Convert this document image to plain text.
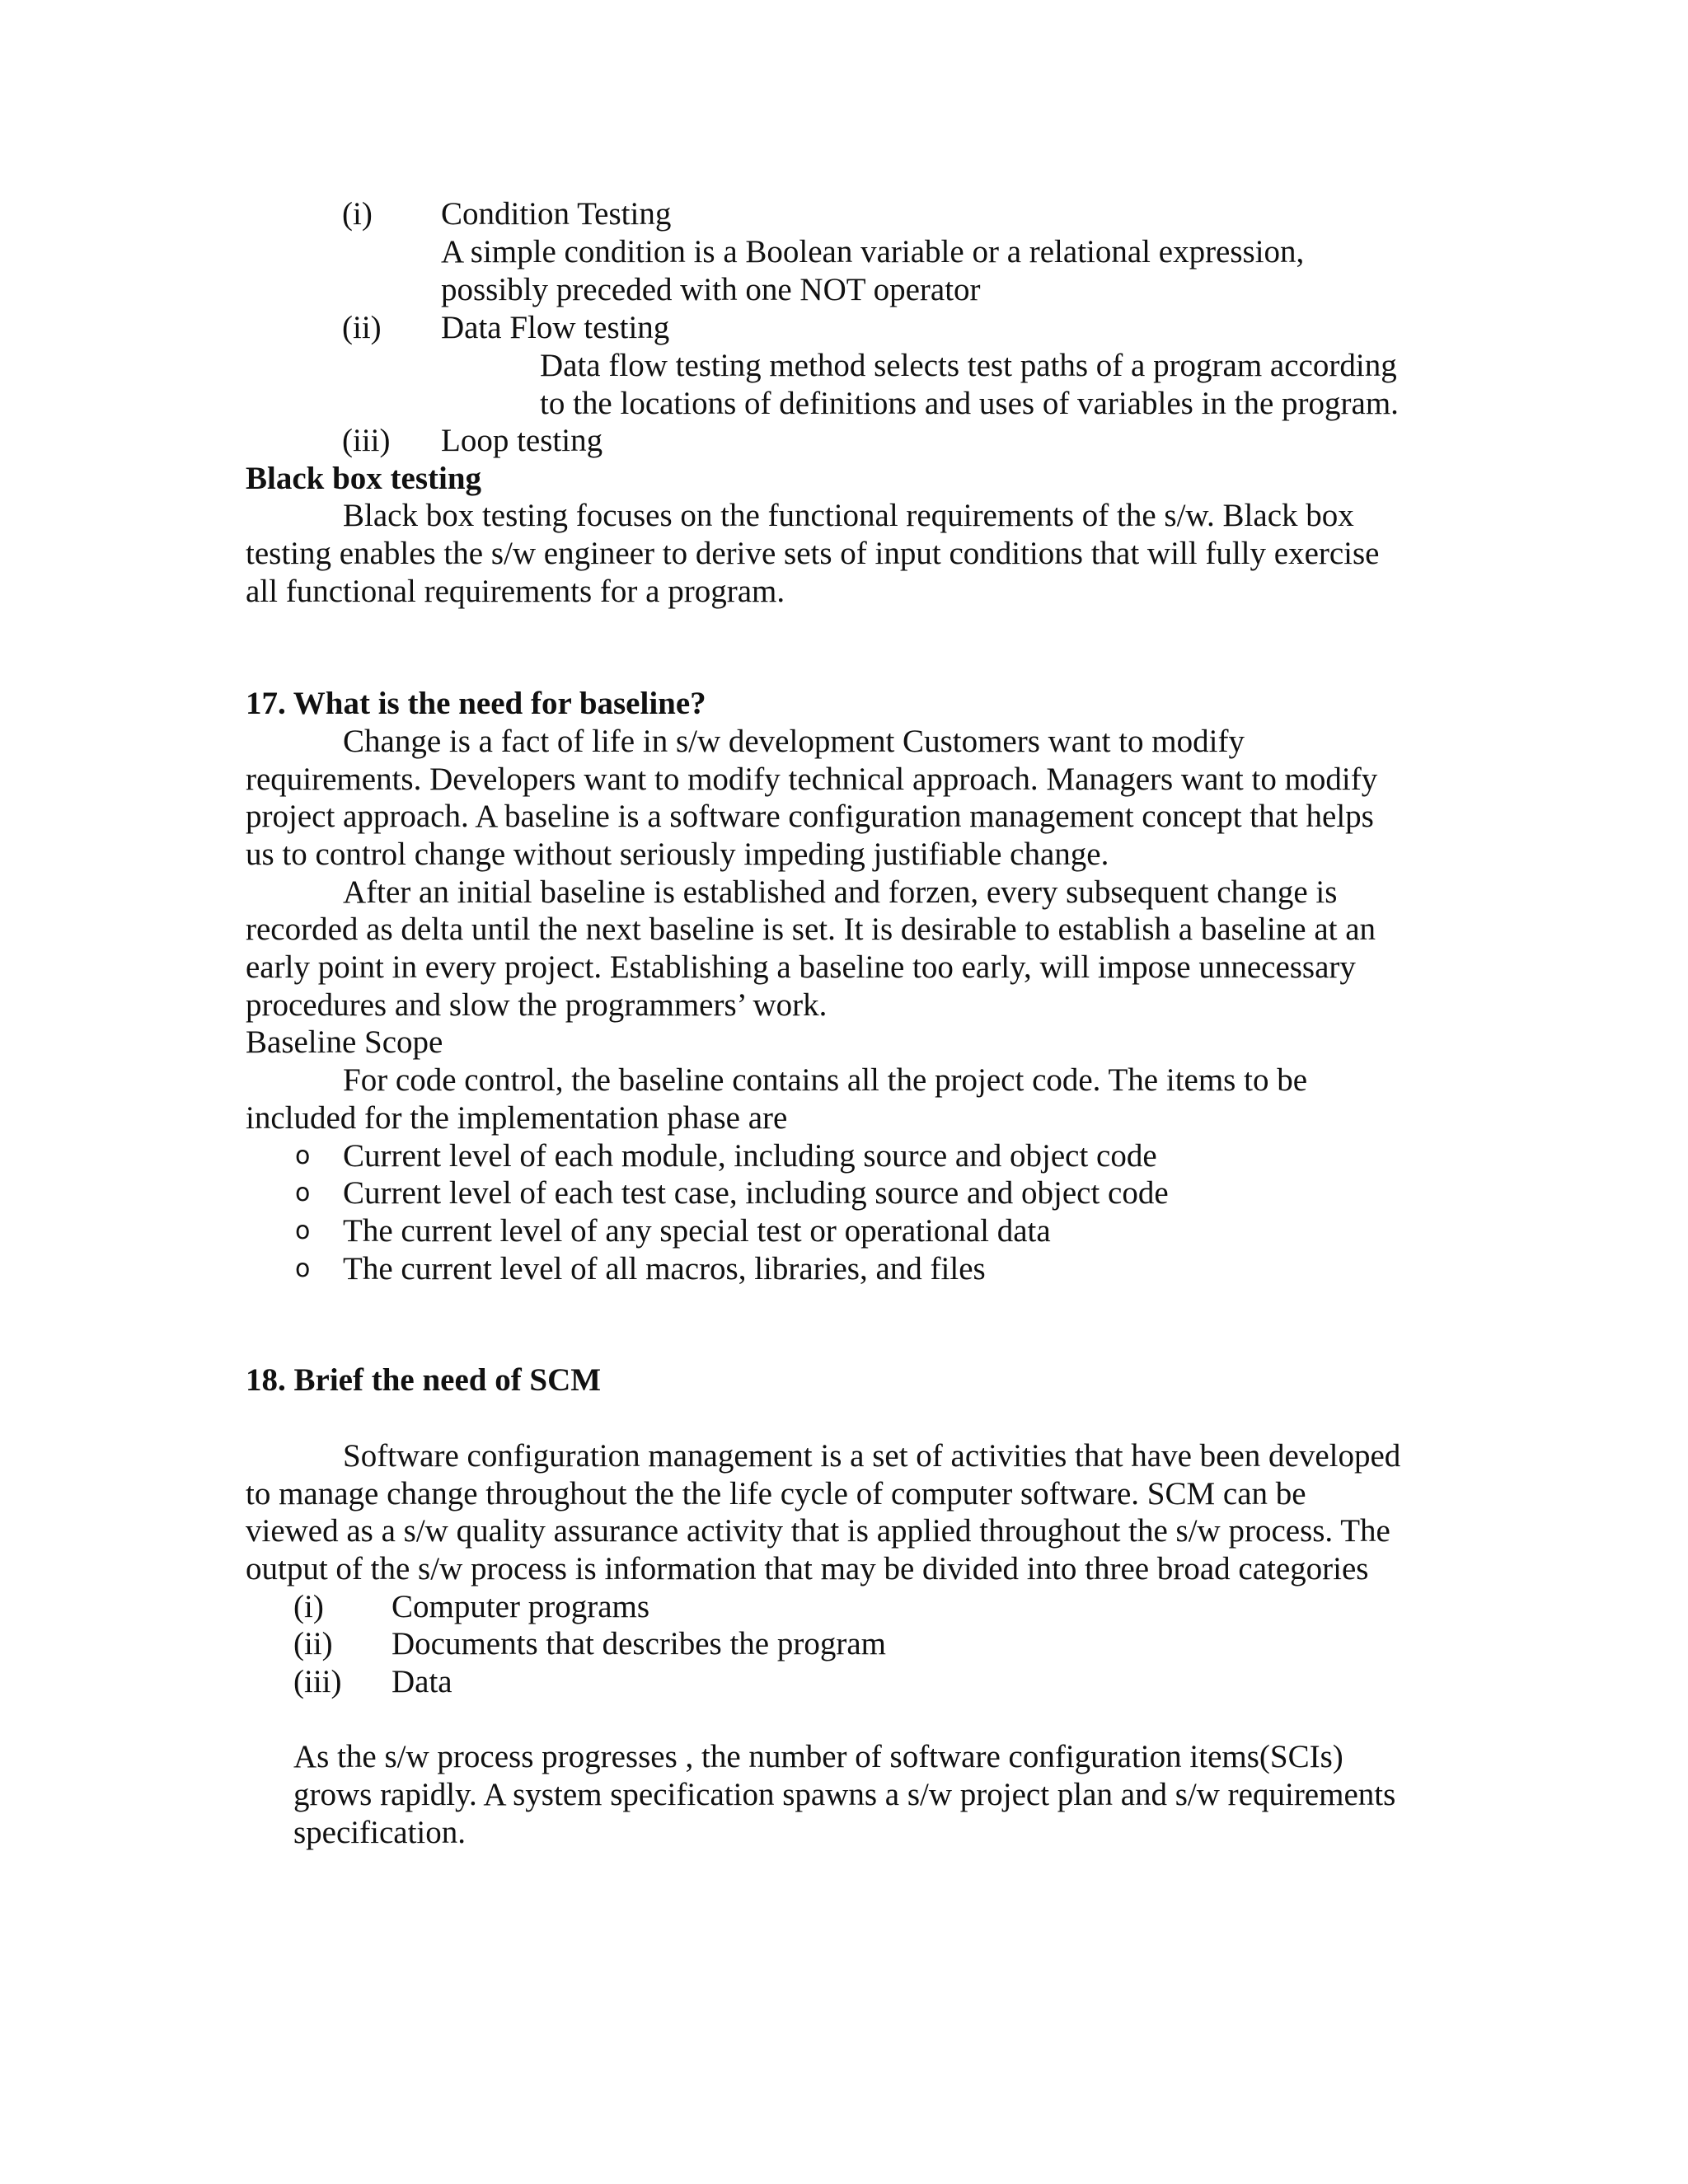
(i) Condition Testing
A simple condition is a Boolean variable or a relational expression,
possibly preceded with one NOT operator
(ii) Data Flow testing
Data flow testing method selects test paths of a program according
to the locations of definitions and uses of variables in the program.
(iii) Loop testing
Black box testing
Black box testing focuses on the functional requirements of the s/w. Black box
testing enables the s/w engineer to derive sets of input conditions that will fully exercise
all functional requirements for a program.
17. What is the need for baseline?
Change is a fact of life in s/w development Customers want to modify
requirements. Developers want to modify technical approach. Managers want to modify
project approach. A baseline is a software configuration management concept that helps
us to control change without seriously impeding justifiable change.
After an initial baseline is established and forzen, every subsequent change is
recorded as delta until the next baseline is set. It is desirable to establish a baseline at an
early point in every project. Establishing a baseline too early, will impose unnecessary
procedures and slow the programmers’ work.
Baseline Scope
For code control, the baseline contains all the project code. The items to be
included for the implementation phase are
o Current level of each module, including source and object code
o Current level of each test case, including source and object code
o The current level of any special test or operational data
o The current level of all macros, libraries, and files
18. Brief the need of SCM
Software configuration management is a set of activities that have been developed
to manage change throughout the the life cycle of computer software. SCM can be
viewed as a s/w quality assurance activity that is applied throughout the s/w process. The
output of the s/w process is information that may be divided into three broad categories
(i) Computer programs
(ii) Documents that describes the program
(iii) Data
As the s/w process progresses , the number of software configuration items(SCIs)
grows rapidly. A system specification spawns a s/w project plan and s/w requirements
specification.
